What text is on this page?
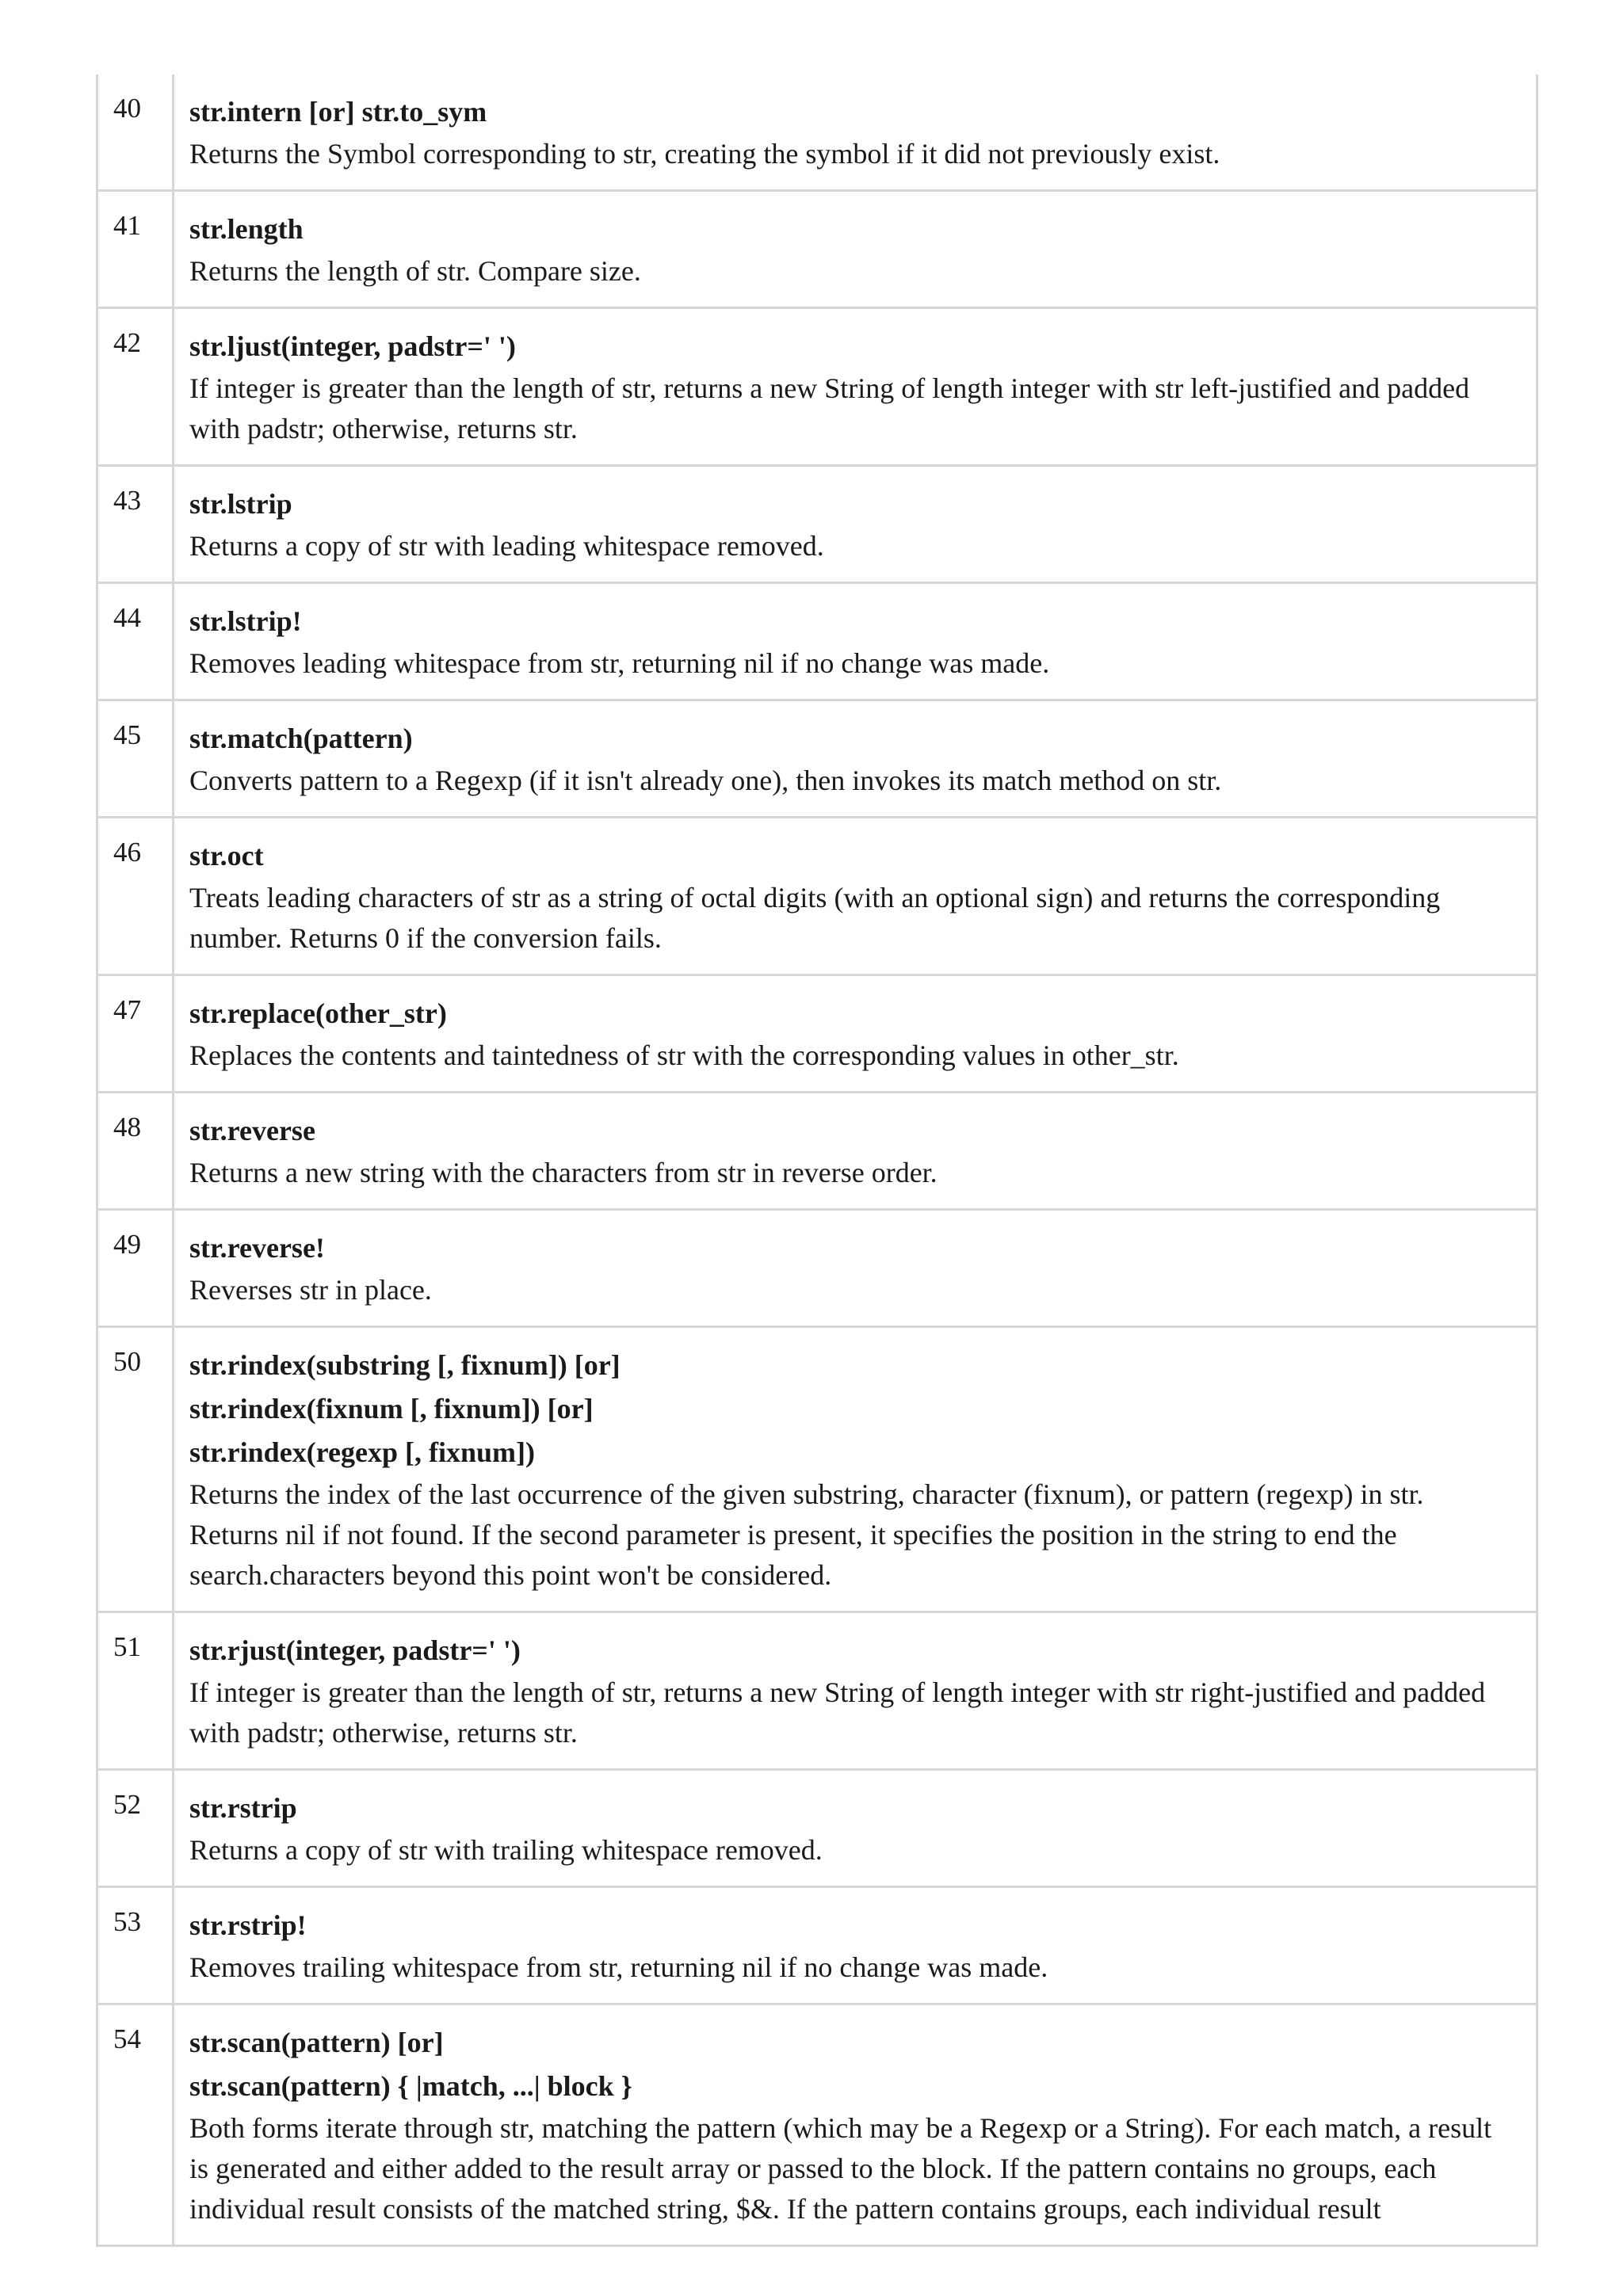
40	str.intern [or] str.to_sym
Returns the Symbol corresponding to str, creating the symbol if it did not previously exist.

41	str.length
Returns the length of str. Compare size.

42	str.ljust(integer, padstr=' ')
If integer is greater than the length of str, returns a new String of length integer with str left-justified and padded with padstr; otherwise, returns str.

43	str.lstrip
Returns a copy of str with leading whitespace removed.

44	str.lstrip!
Removes leading whitespace from str, returning nil if no change was made.

45	str.match(pattern)
Converts pattern to a Regexp (if it isn't already one), then invokes its match method on str.

46	str.oct
Treats leading characters of str as a string of octal digits (with an optional sign) and returns the corresponding number. Returns 0 if the conversion fails.

47	str.replace(other_str)
Replaces the contents and taintedness of str with the corresponding values in other_str.

48	str.reverse
Returns a new string with the characters from str in reverse order.

49	str.reverse!
Reverses str in place.

50	str.rindex(substring [, fixnum]) [or]
str.rindex(fixnum [, fixnum]) [or]
str.rindex(regexp [, fixnum])
Returns the index of the last occurrence of the given substring, character (fixnum), or pattern (regexp) in str. Returns nil if not found. If the second parameter is present, it specifies the position in the string to end the search.characters beyond this point won't be considered.

51	str.rjust(integer, padstr=' ')
If integer is greater than the length of str, returns a new String of length integer with str right-justified and padded with padstr; otherwise, returns str.

52	str.rstrip
Returns a copy of str with trailing whitespace removed.

53	str.rstrip!
Removes trailing whitespace from str, returning nil if no change was made.

54	str.scan(pattern) [or]
str.scan(pattern) { |match, ...| block }
Both forms iterate through str, matching the pattern (which may be a Regexp or a String). For each match, a result is generated and either added to the result array or passed to the block. If the pattern contains no groups, each individual result consists of the matched string, $&. If the pattern contains groups, each individual result
